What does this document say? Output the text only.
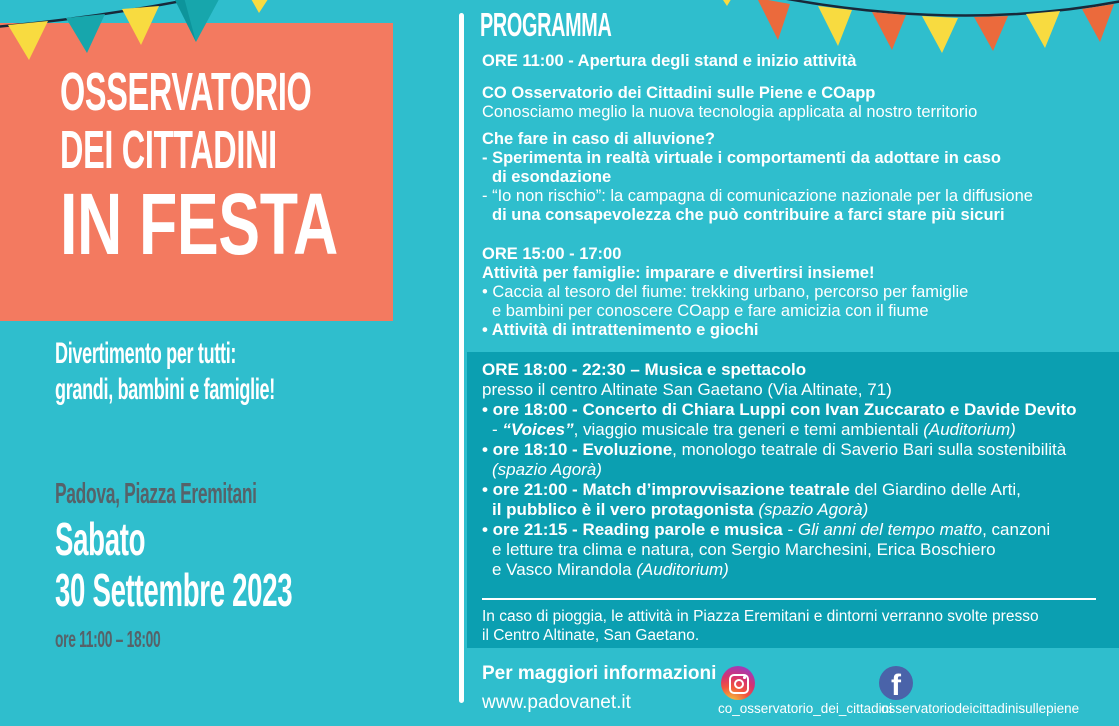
OSSERVATORIO
DEI CITTADINI
IN FESTA
Divertimento per tutti:
grandi, bambini e famiglie!
Padova, Piazza Eremitani
Sabato
30 Settembre 2023
ore 11:00 – 18:00
PROGRAMMA
ORE 11:00 - Apertura degli stand e inizio attività
CO Osservatorio dei Cittadini sulle Piene e COapp
Conosciamo meglio la nuova tecnologia applicata al nostro territorio
Che fare in caso di alluvione?
- Sperimenta in realtà virtuale i comportamenti da adottare in caso
di esondazione
- “Io non rischio”: la campagna di comunicazione nazionale per la diffusione
di una consapevolezza che può contribuire a farci stare più sicuri
ORE 15:00 - 17:00
Attività per famiglie: imparare e divertirsi insieme!
• Caccia al tesoro del fiume: trekking urbano, percorso per famiglie
e bambini per conoscere COapp e fare amicizia con il fiume
• Attività di intrattenimento e giochi
ORE 18:00 - 22:30 – Musica e spettacolo
presso il centro Altinate San Gaetano (Via Altinate, 71)
• ore 18:00 - Concerto di Chiara Luppi con Ivan Zuccarato e Davide Devito
- “Voices”, viaggio musicale tra generi e temi ambientali (Auditorium)
• ore 18:10 - Evoluzione, monologo teatrale di Saverio Bari sulla sostenibilità
(spazio Agorà)
• ore 21:00 - Match d’improvvisazione teatrale del Giardino delle Arti,
il pubblico è il vero protagonista (spazio Agorà)
• ore 21:15 - Reading parole e musica - Gli anni del tempo matto, canzoni
e letture tra clima e natura, con Sergio Marchesini, Erica Boschiero
e Vasco Mirandola (Auditorium)
In caso di pioggia, le attività in Piazza Eremitani e dintorni verranno svolte presso
il Centro Altinate, San Gaetano.
Per maggiori informazioni
www.padovanet.it	co_osservatorio_dei_cittadini
f
osservatoriodeicittadinisullepiene
